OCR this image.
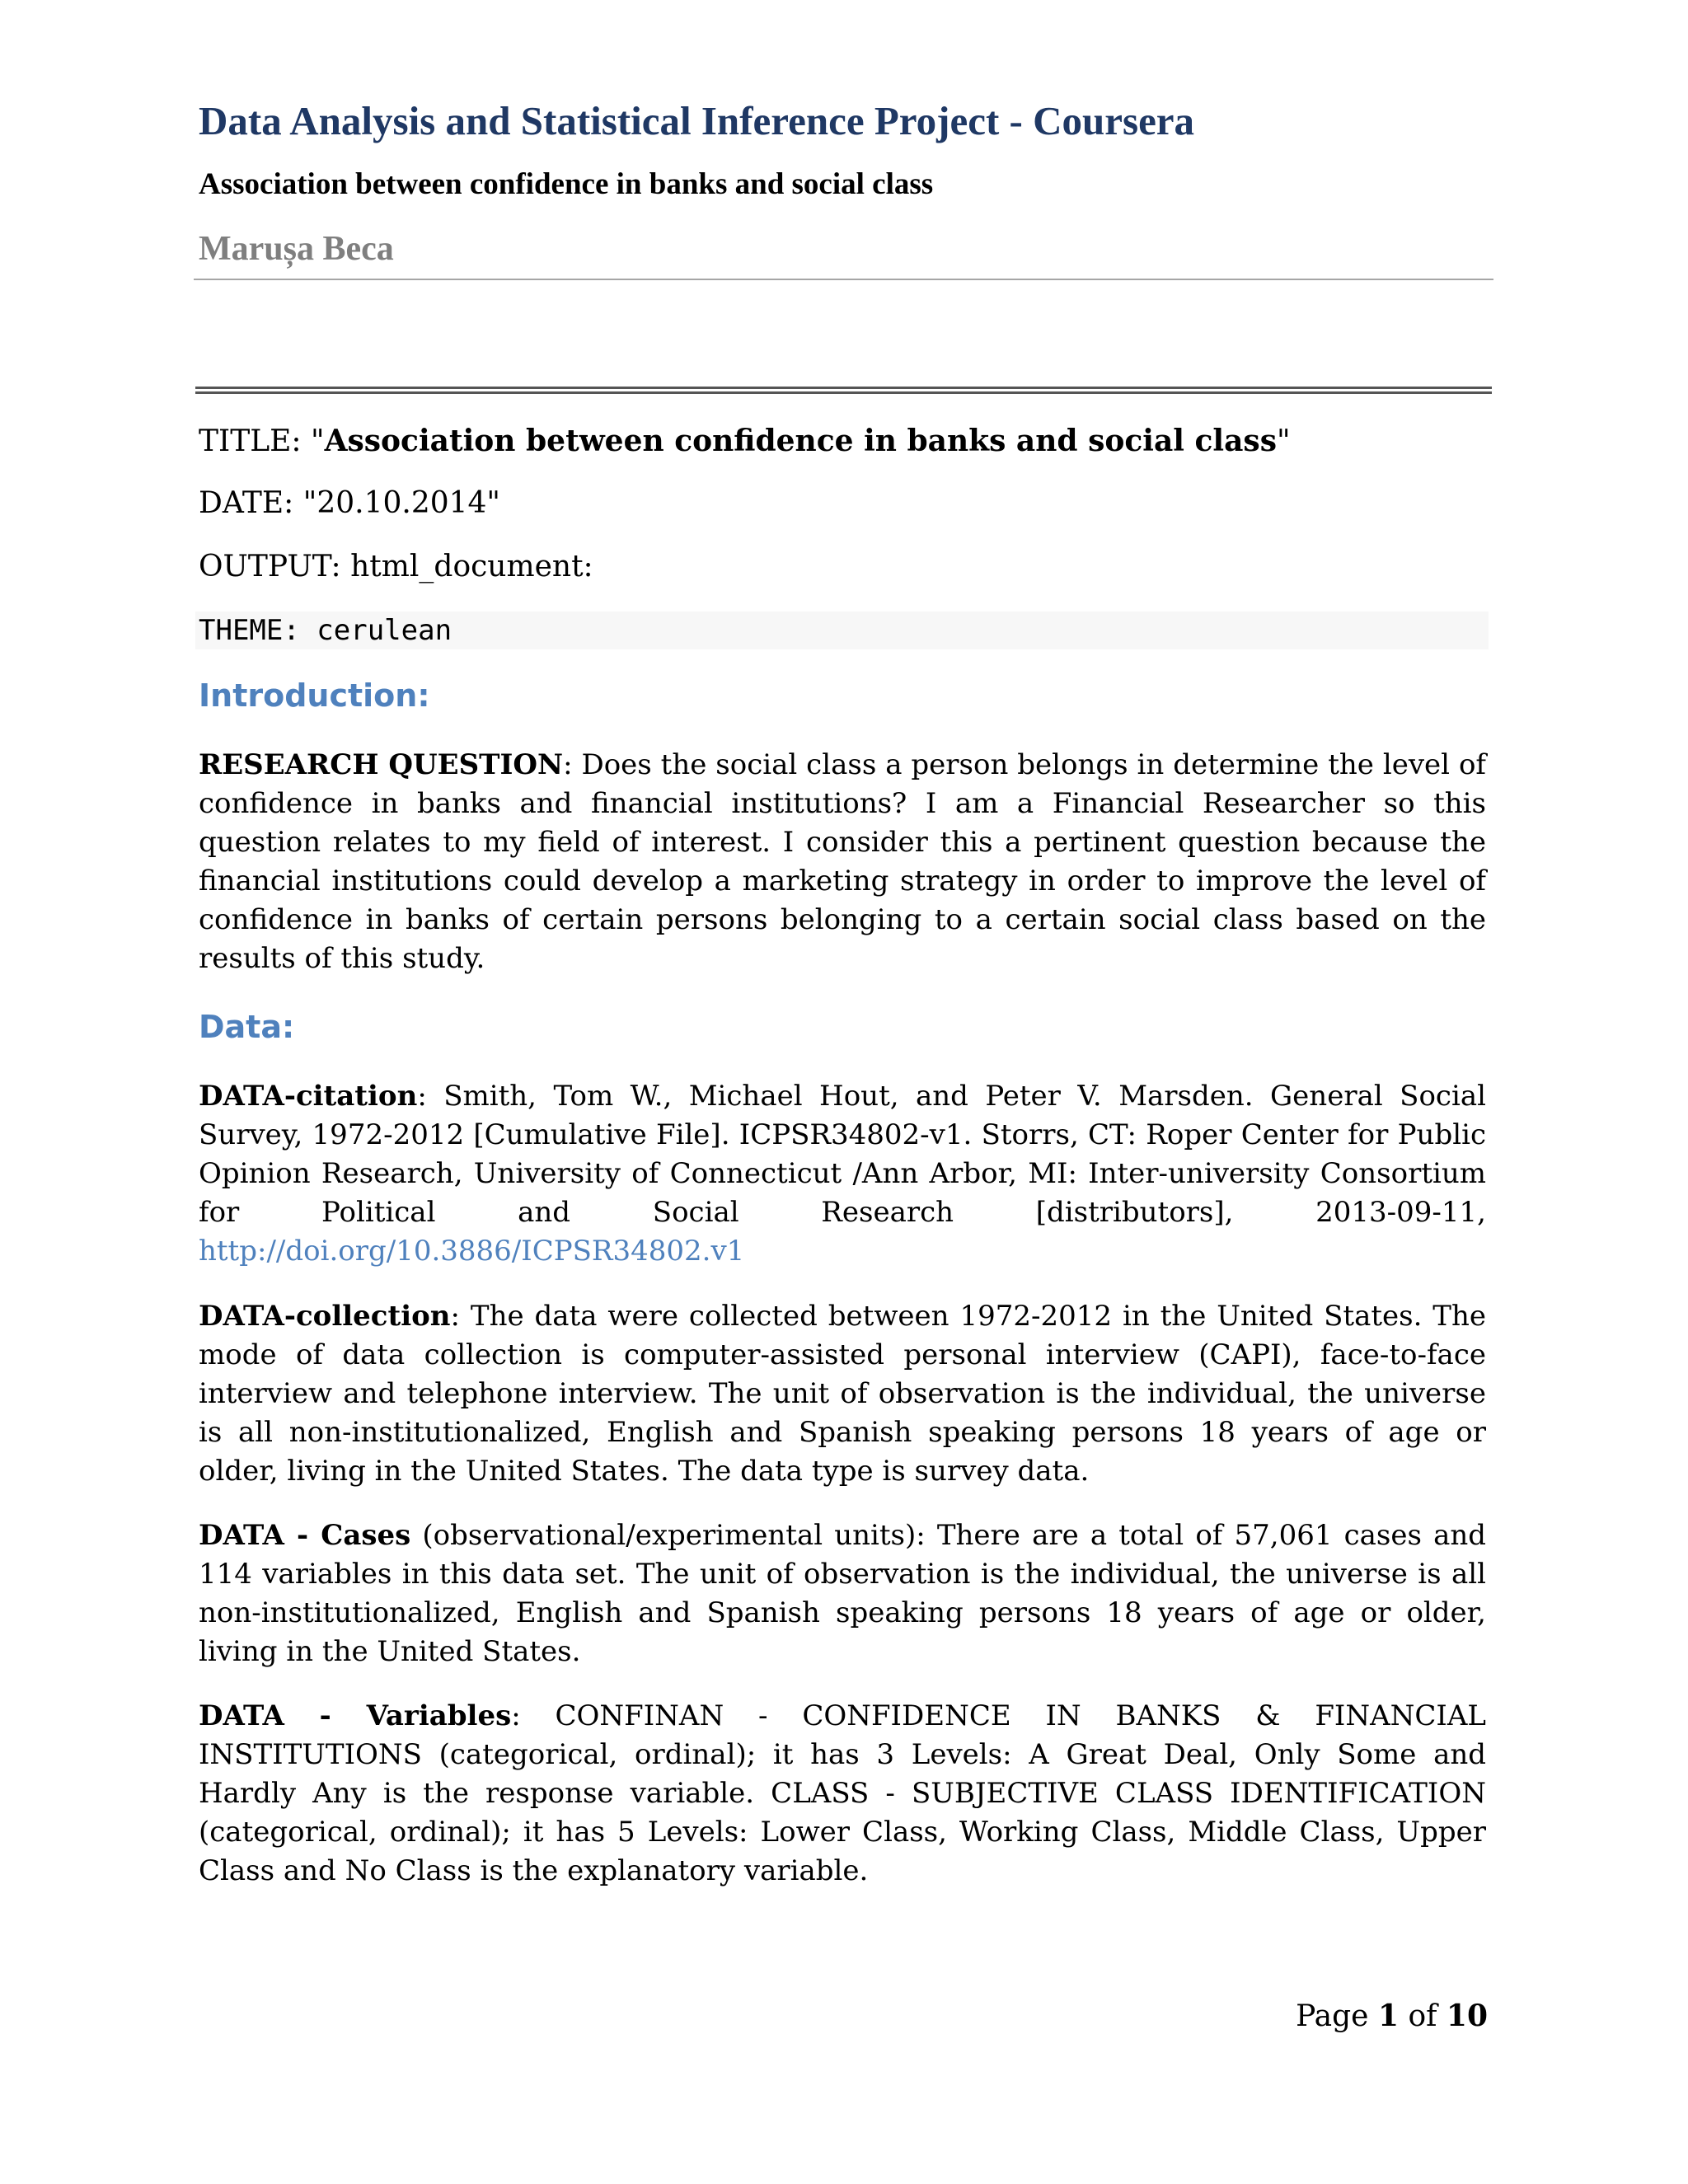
Data Analysis and Statistical Inference Project - Coursera
Association between confidence in banks and social class
Marușa Beca
TITLE: "Association between confidence in banks and social class"
DATE: "20.10.2014"
OUTPUT: html_document:
THEME: cerulean
Introduction:
RESEARCH QUESTION: Does the social class a person belongs in determine the level of confidence in banks and financial institutions? I am a Financial Researcher so this question relates to my field of interest. I consider this a pertinent question because the financial institutions could develop a marketing strategy in order to improve the level of confidence in banks of certain persons belonging to a certain social class based on the results of this study.
Data:
DATA-citation: Smith, Tom W., Michael Hout, and Peter V. Marsden. General Social Survey, 1972-2012 [Cumulative File]. ICPSR34802-v1. Storrs, CT: Roper Center for Public Opinion Research, University of Connecticut /Ann Arbor, MI: Inter-university Consortium for Political and Social Research [distributors], 2013-09-11, http://doi.org/10.3886/ICPSR34802.v1
DATA-collection: The data were collected between 1972-2012 in the United States. The mode of data collection is computer-assisted personal interview (CAPI), face-to-face interview and telephone interview. The unit of observation is the individual, the universe is all non-institutionalized, English and Spanish speaking persons 18 years of age or older, living in the United States. The data type is survey data.
DATA - Cases (observational/experimental units): There are a total of 57,061 cases and 114 variables in this data set. The unit of observation is the individual, the universe is all non-institutionalized, English and Spanish speaking persons 18 years of age or older, living in the United States.
DATA - Variables: CONFINAN - CONFIDENCE IN BANKS & FINANCIAL INSTITUTIONS (categorical, ordinal); it has 3 Levels: A Great Deal, Only Some and Hardly Any is the response variable. CLASS - SUBJECTIVE CLASS IDENTIFICATION (categorical, ordinal); it has 5 Levels: Lower Class, Working Class, Middle Class, Upper Class and No Class is the explanatory variable.
Page 1 of 10
